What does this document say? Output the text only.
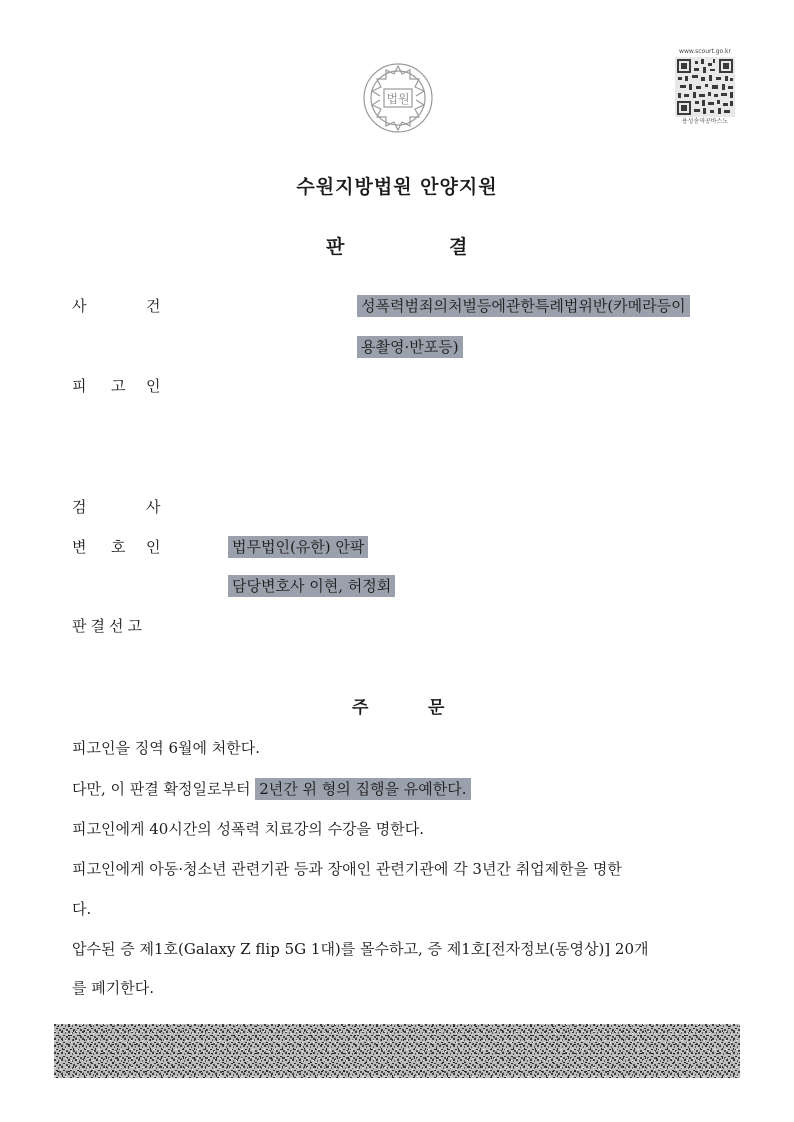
법원
www.scourt.go.kr
용성송역공바스노
수원지방법원 안양지원
판	결
사	건	성폭력범죄의처벌등에관한특례법위반(카메라등이
용촬영·반포등)
피 고 인
검	사
변 호 인	법무법인(유한) 안팍
담당변호사 이현, 허정회
판결선고
주	문
피고인을 징역 6월에 처한다.
다만, 이 판결 확정일로부터 2년간 위 형의 집행을 유예한다.
피고인에게 40시간의 성폭력 치료강의 수강을 명한다.
피고인에게 아동·청소년 관련기관 등과 장애인 관련기관에 각 3년간 취업제한을 명한
다.
압수된 증 제1호(Galaxy Z flip 5G 1대)를 몰수하고, 증 제1호[전자정보(동영상)] 20개
를 폐기한다.
